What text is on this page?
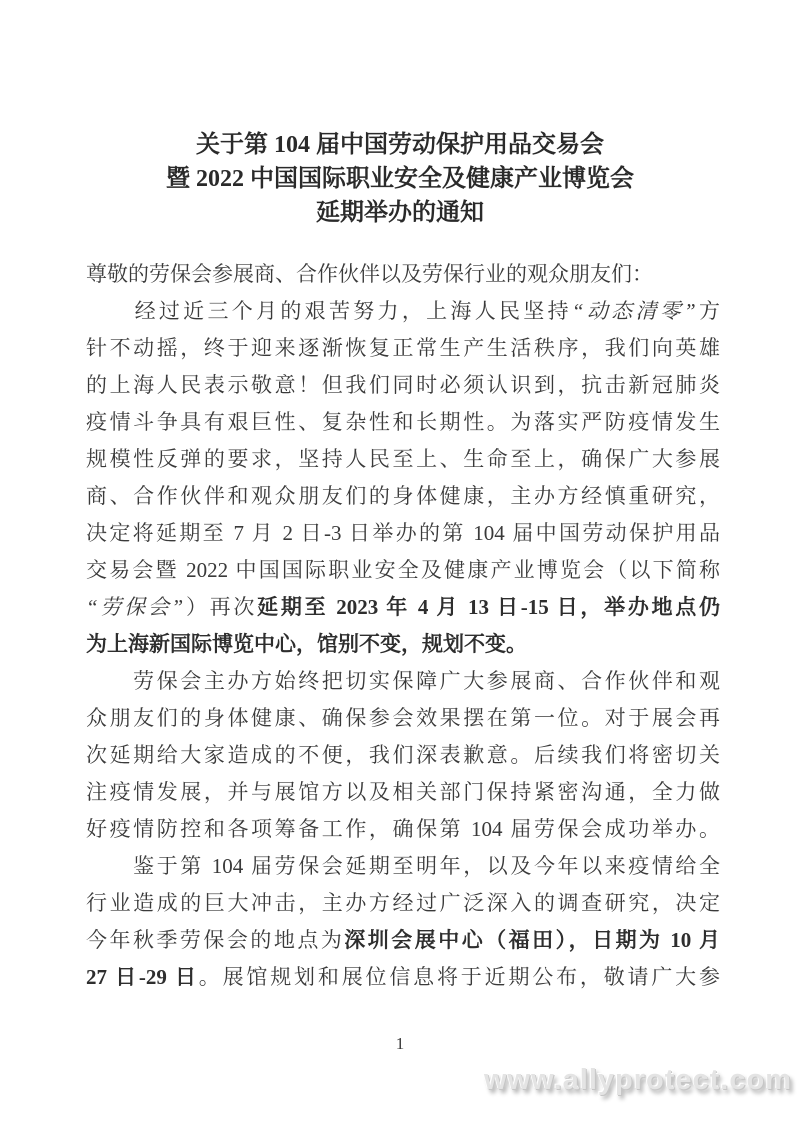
关于第 104 届中国劳动保护用品交易会
暨 2022 中国国际职业安全及健康产业博览会
延期举办的通知
尊敬的劳保会参展商、合作伙伴以及劳保行业的观众朋友们：
　　经过近三个月的艰苦努力，上海人民坚持“动态清零”方
针不动摇，终于迎来逐渐恢复正常生产生活秩序，我们向英雄
的上海人民表示敬意！但我们同时必须认识到，抗击新冠肺炎
疫情斗争具有艰巨性、复杂性和长期性。为落实严防疫情发生
规模性反弹的要求，坚持人民至上、生命至上，确保广大参展
商、合作伙伴和观众朋友们的身体健康，主办方经慎重研究，
决定将延期至 7 月 2 日-3 日举办的第 104 届中国劳动保护用品
交易会暨 2022 中国国际职业安全及健康产业博览会（以下简称
“劳保会”）再次延期至 2023 年 4 月 13 日-15 日，举办地点仍
为上海新国际博览中心，馆别不变，规划不变。
　　劳保会主办方始终把切实保障广大参展商、合作伙伴和观
众朋友们的身体健康、确保参会效果摆在第一位。对于展会再
次延期给大家造成的不便，我们深表歉意。后续我们将密切关
注疫情发展，并与展馆方以及相关部门保持紧密沟通，全力做
好疫情防控和各项筹备工作，确保第 104 届劳保会成功举办。
　　鉴于第 104 届劳保会延期至明年，以及今年以来疫情给全
行业造成的巨大冲击，主办方经过广泛深入的调查研究，决定
今年秋季劳保会的地点为深圳会展中心（福田），日期为 10 月
27 日-29 日。展馆规划和展位信息将于近期公布，敬请广大参
1
www.allyprotect.com
